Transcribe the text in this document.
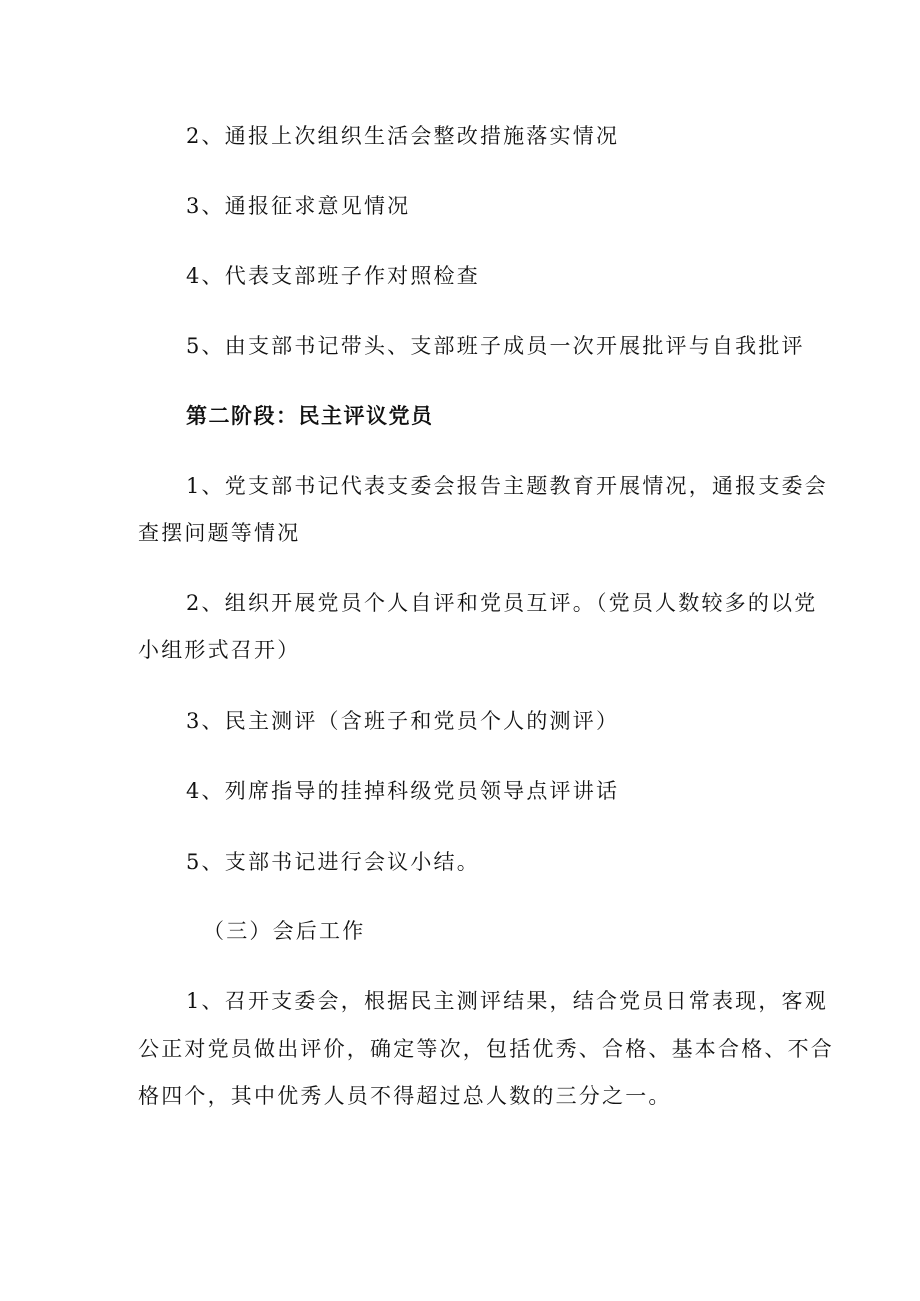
2、通报上次组织生活会整改措施落实情况
3、通报征求意见情况
4、代表支部班子作对照检查
5、由支部书记带头、支部班子成员一次开展批评与自我批评
第二阶段：民主评议党员
1、党支部书记代表支委会报告主题教育开展情况，通报支委会
查摆问题等情况
2、组织开展党员个人自评和党员互评。（党员人数较多的以党
小组形式召开）
3、民主测评（含班子和党员个人的测评）
4、列席指导的挂掉科级党员领导点评讲话
5、支部书记进行会议小结。
（三）会后工作
1、召开支委会，根据民主测评结果，结合党员日常表现，客观
公正对党员做出评价，确定等次，包括优秀、合格、基本合格、不合
格四个，其中优秀人员不得超过总人数的三分之一。
